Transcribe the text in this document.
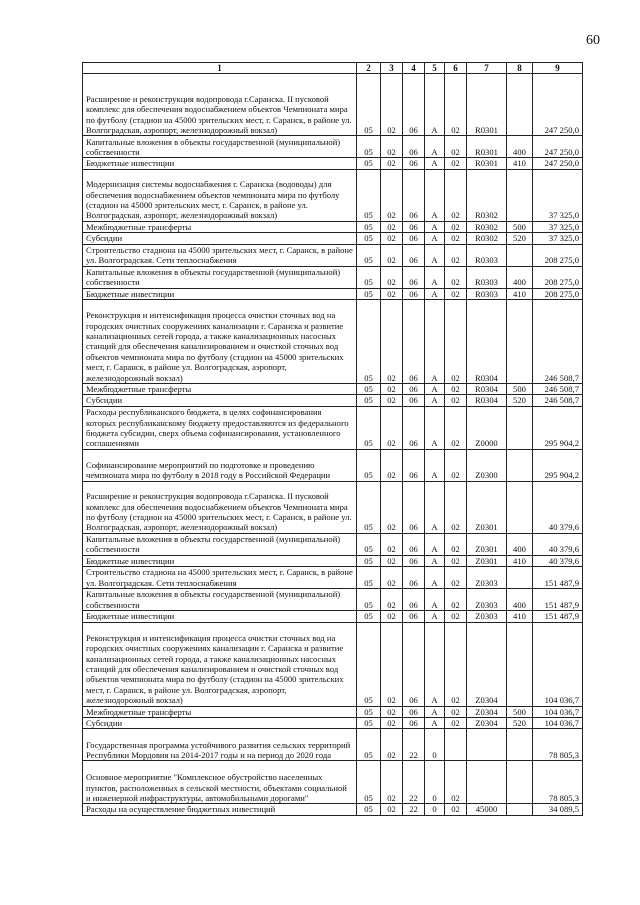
60
1	2	3	4	5	6	7	8	9
Расширение и реконструкция водопровода г.Саранска. II пусковой комплекс для обеспечения водоснабжением объектов Чемпионата мира по футболу (стадион на 45000 зрительских мест, г. Саранск, в районе ул. Волгоградская, аэропорт, железнодорожный вокзал)	05	02	06	А	02	R0301		247 250,0
Капитальные вложения в объекты государственной (муниципальной) собственности	05	02	06	А	02	R0301	400	247 250,0
Бюджетные инвестиции	05	02	06	А	02	R0301	410	247 250,0
Модернизация системы водоснабжения г. Саранска (водоводы) для обеспечения водоснабжением объектов чемпионата мира по футболу (стадион на 45000 зрительских мест, г. Саранск, в районе ул. Волгоградская, аэропорт, железнодорожный вокзал)	05	02	06	А	02	R0302		37 325,0
Межбюджетные трансферты	05	02	06	А	02	R0302	500	37 325,0
Субсидии	05	02	06	А	02	R0302	520	37 325,0
Строительство стадиона на 45000 зрительских мест, г. Саранск, в районе ул. Волгоградская. Сети теплоснабжения	05	02	06	А	02	R0303		208 275,0
Капитальные вложения в объекты государственной (муниципальной) собственности	05	02	06	А	02	R0303	400	208 275,0
Бюджетные инвестиции	05	02	06	А	02	R0303	410	208 275,0
Реконструкция и интенсификация процесса очистки сточных вод на городских очистных сооружениях канализации г. Саранска и развитие канализационных сетей города, а также канализационных насосных станций для обеспечения канализированием и очисткой сточных вод объектов чемпионата мира по футболу (стадион на 45000 зрительских мест, г. Саранск, в районе ул. Волгоградская, аэропорт, железнодорожный вокзал)	05	02	06	А	02	R0304		246 508,7
Межбюджетные трансферты	05	02	06	А	02	R0304	500	246 508,7
Субсидии	05	02	06	А	02	R0304	520	246 508,7
Расходы республиканского бюджета, в целях софинансирования которых республиканскому бюджету предоставляются из федерального бюджета субсидии, сверх объема софинансирования, установленного соглашениями	05	02	06	А	02	Z0000		295 904,2
Софинансирование мероприятий по подготовке и проведению чемпионата мира по футболу в 2018 году в Российской Федерации	05	02	06	А	02	Z0300		295 904,2
Расширение и реконструкция водопровода г.Саранска. II пусковой комплекс для обеспечения водоснабжением объектов Чемпионата мира по футболу (стадион на 45000 зрительских мест, г. Саранск, в районе ул. Волгоградская, аэропорт, железнодорожный вокзал)	05	02	06	А	02	Z0301		40 379,6
Капитальные вложения в объекты государственной (муниципальной) собственности	05	02	06	А	02	Z0301	400	40 379,6
Бюджетные инвестиции	05	02	06	А	02	Z0301	410	40 379,6
Строительство стадиона на 45000 зрительских мест, г. Саранск, в районе ул. Волгоградская. Сети теплоснабжения	05	02	06	А	02	Z0303		151 487,9
Капитальные вложения в объекты государственной (муниципальной) собственности	05	02	06	А	02	Z0303	400	151 487,9
Бюджетные инвестиции	05	02	06	А	02	Z0303	410	151 487,9
Реконструкция и интенсификация процесса очистки сточных вод на городских очистных сооружениях канализации г. Саранска и развитие канализационных сетей города, а также канализационных насосных станций для обеспечения канализированием и очисткой сточных вод объектов чемпионата мира по футболу (стадион на 45000 зрительских мест, г. Саранск, в районе ул. Волгоградская, аэропорт, железнодорожный вокзал)	05	02	06	А	02	Z0304		104 036,7
Межбюджетные трансферты	05	02	06	А	02	Z0304	500	104 036,7
Субсидии	05	02	06	А	02	Z0304	520	104 036,7
Государственная программа устойчивого развития сельских территорий Республики Мордовия на 2014-2017 годы и на период до 2020 года	05	02	22	0				78 805,3
Основное мероприятие "Комплексное обустройство населенных пунктов, расположенных в сельской местности, объектами социальной и инженерной инфраструктуры, автомобильными дорогами"	05	02	22	0	02			78 805,3
Расходы на осуществление бюджетных инвестиций	05	02	22	0	02	45000		34 089,5
